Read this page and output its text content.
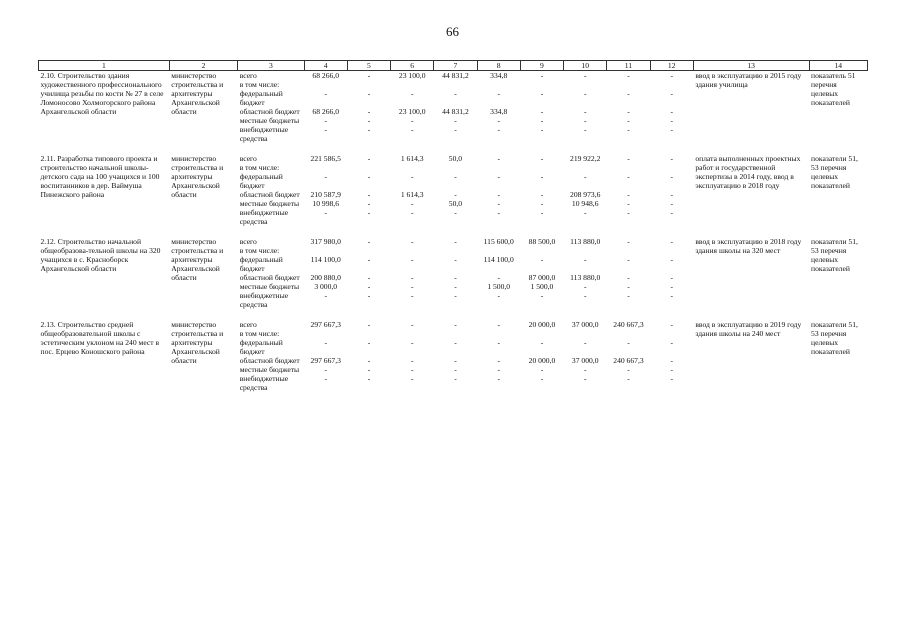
66
1	2	3	4	5	6	7	8	9	10	11	12	13	14
2.10. Строительство здания художественного профессионального училища резьбы по кости № 27 в селе Ломоносово Холмогорского района Архангельской области	министерство строительства и архитектуры Архангельской области	всего	68 266,0	-	23 100,0	44 831,2	334,8	-	-	-	-	ввод в эксплуатацию в 2015 году здания училища	показатель 51 перечня целевых показателей
		в том числе:											
		федеральный бюджет	-	-	-	-	-	-	-	-	-		
		областной бюджет	68 266,0	-	23 100,0	44 831,2	334,8	-	-	-	-		
		местные бюджеты	-	-	-	-	-	-	-	-	-		
		внебюджетные средства	-	-	-	-	-	-	-	-	-		

2.11. Разработка типового проекта и строительство начальной школы-детского сада на 100 учащихся и 100 воспитанников в дер. Ваймуша Пинежского района	министерство строительства и архитектуры Архангельской области	всего	221 586,5	-	1 614,3	50,0	-	-	219 922,2	-	-	оплата выполненных проектных работ и государственной экспертизы в 2014 году, ввод в эксплуатацию в 2018 году	показатели 51, 53 перечня целевых показателей
		в том числе:											
		федеральный бюджет	-	-	-	-	-	-	-	-	-		
		областной бюджет	210 587,9	-	1 614,3	-	-	-	208 973,6	-	-		
		местные бюджеты	10 998,6	-	-	50,0	-	-	10 948,6	-	-		
		внебюджетные средства	-	-	-	-	-	-	-	-	-		

2.12. Строительство начальной общеобразова-тельной школы на 320 учащихся в с. Красноборск Архангельской области	министерство строительства и архитектуры Архангельской области	всего	317 980,0	-	-	-	115 600,0	88 500,0	113 880,0	-	-	ввод в эксплуатацию в 2018 году здания школы на 320 мест	показатели 51, 53 перечня целевых показателей
		в том числе:											
		федеральный бюджет	114 100,0	-	-	-	114 100,0	-	-	-	-		
		областной бюджет	200 880,0	-	-	-	-	87 000,0	113 880,0	-	-		
		местные бюджеты	3 000,0	-	-	-	1 500,0	1 500,0	-	-	-		
		внебюджетные средства	-	-	-	-	-	-	-	-	-		

2.13. Строительство средней общеобразовательной школы с эстетическим уклоном на 240 мест в пос. Ерцево Коношского района	министерство строительства и архитектуры Архангельской области	всего	297 667,3	-	-	-	-	20 000,0	37 000,0	240 667,3	-	ввод в эксплуатацию в 2019 году здания школы на 240 мест	показатели 51, 53 перечня целевых показателей
		в том числе:											
		федеральный бюджет	-	-	-	-	-	-	-	-	-		
		областной бюджет	297 667,3	-	-	-	-	20 000,0	37 000,0	240 667,3	-		
		местные бюджеты	-	-	-	-	-	-	-	-	-		
		внебюджетные средства	-	-	-	-	-	-	-	-	-		
